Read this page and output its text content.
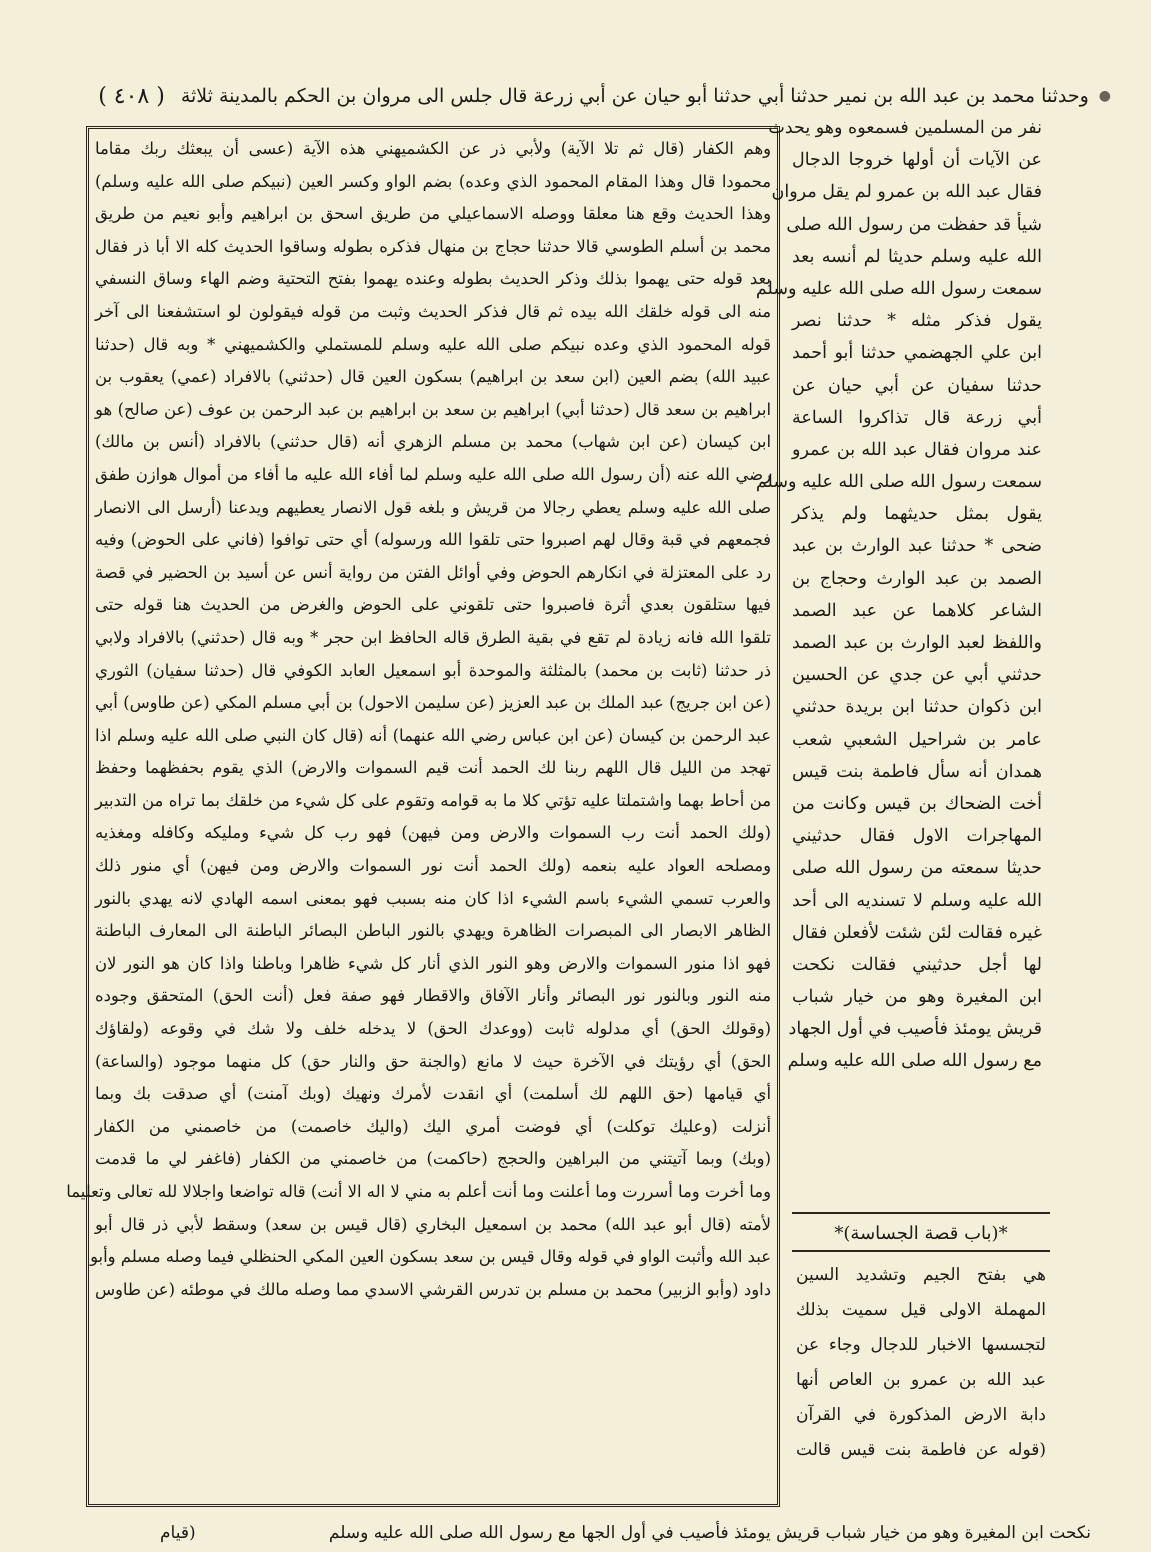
●
وحدثنا محمد بن عبد الله بن نمير حدثنا أبي حدثنا أبو حيان عن أبي زرعة قال جلس الى مروان بن الحكم بالمدينة ثلاثة
( ٤٠٨ )
وهم الكفار (قال ثم تلا الآية) ولأبي ذر عن الكشميهني هذه الآية (عسى أن يبعثك ربك مقاما
محمودا قال وهذا المقام المحمود الذي وعده) بضم الواو وكسر العين (نبيكم صلى الله عليه وسلم)
وهذا الحديث وقع هنا معلقا ووصله الاسماعيلي من طريق اسحق بن ابراهيم وأبو نعيم من طريق
محمد بن أسلم الطوسي قالا حدثنا حجاج بن منهال فذكره بطوله وساقوا الحديث كله الا أبا ذر فقال
بعد قوله حتى يهموا بذلك وذكر الحديث بطوله وعنده يهموا بفتح التحتية وضم الهاء وساق النسفي
منه الى قوله خلقك الله بيده ثم قال فذكر الحديث وثبت من قوله فيقولون لو استشفعنا الى آخر
قوله المحمود الذي وعده نبيكم صلى الله عليه وسلم للمستملي والكشميهني * وبه قال (حدثنا
عبيد الله) بضم العين (ابن سعد بن ابراهيم) بسكون العين قال (حدثني) بالافراد (عمي) يعقوب بن
ابراهيم بن سعد قال (حدثنا أبي) ابراهيم بن سعد بن ابراهيم بن عبد الرحمن بن عوف (عن صالح) هو
ابن كيسان (عن ابن شهاب) محمد بن مسلم الزهري أنه (قال حدثني) بالافراد (أنس بن مالك)
رضي الله عنه (أن رسول الله صلى الله عليه وسلم لما أفاء الله عليه ما أفاء من أموال هوازن طفق
صلى الله عليه وسلم يعطي رجالا من قريش و بلغه قول الانصار يعطيهم ويدعنا (أرسل الى الانصار
فجمعهم في قبة وقال لهم اصبروا حتى تلقوا الله ورسوله) أي حتى توافوا (فاني على الحوض) وفيه
رد على المعتزلة في انكارهم الحوض وفي أوائل الفتن من رواية أنس عن أسيد بن الحضير في قصة
فيها ستلقون بعدي أثرة فاصبروا حتى تلقوني على الحوض والغرض من الحديث هنا قوله حتى
تلقوا الله فانه زيادة لم تقع في بقية الطرق قاله الحافظ ابن حجر * وبه قال (حدثني) بالافراد ولابي
ذر حدثنا (ثابت بن محمد) بالمثلثة والموحدة أبو اسمعيل العابد الكوفي قال (حدثنا سفيان) الثوري
(عن ابن جريج) عبد الملك بن عبد العزيز (عن سليمن الاحول) بن أبي مسلم المكي (عن طاوس) أبي
عبد الرحمن بن كيسان (عن ابن عباس رضي الله عنهما) أنه (قال كان النبي صلى الله عليه وسلم اذا
تهجد من الليل قال اللهم ربنا لك الحمد أنت قيم السموات والارض) الذي يقوم بحفظهما وحفظ
من أحاط بهما واشتملتا عليه تؤتي كلا ما به قوامه وتقوم على كل شيء من خلقك بما تراه من التدبير
(ولك الحمد أنت رب السموات والارض ومن فيهن) فهو رب كل شيء ومليكه وكافله ومغذيه
ومصلحه العواد عليه بنعمه (ولك الحمد أنت نور السموات والارض ومن فيهن) أي منور ذلك
والعرب تسمي الشيء باسم الشيء اذا كان منه بسبب فهو بمعنى اسمه الهادي لانه يهدي بالنور
الظاهر الابصار الى المبصرات الظاهرة ويهدي بالنور الباطن البصائر الباطنة الى المعارف الباطنة
فهو اذا منور السموات والارض وهو النور الذي أنار كل شيء ظاهرا وباطنا واذا كان هو النور لان
منه النور وبالنور نور البصائر وأنار الآفاق والاقطار فهو صفة فعل (أنت الحق) المتحقق وجوده
(وقولك الحق) أي مدلوله ثابت (ووعدك الحق) لا يدخله خلف ولا شك في وقوعه (ولقاؤك
الحق) أي رؤيتك في الآخرة حيث لا مانع (والجنة حق والنار حق) كل منهما موجود (والساعة)
أي قيامها (حق اللهم لك أسلمت) أي انقدت لأمرك ونهيك (وبك آمنت) أي صدقت بك وبما
أنزلت (وعليك توكلت) أي فوضت أمري اليك (واليك خاصمت) من خاصمني من الكفار
(وبك) وبما آتيتني من البراهين والحجج (حاكمت) من خاصمني من الكفار (فاغفر لي ما قدمت
وما أخرت وما أسررت وما أعلنت وما أنت أعلم به مني لا اله الا أنت) قاله تواضعا واجلالا لله تعالى وتعليما
لأمته (قال أبو عبد الله) محمد بن اسمعيل البخاري (قال قيس بن سعد) وسقط لأبي ذر قال أبو
عبد الله وأثبت الواو في قوله وقال قيس بن سعد بسكون العين المكي الحنظلي فيما وصله مسلم وأبو
داود (وأبو الزبير) محمد بن مسلم بن تدرس القرشي الاسدي مما وصله مالك في موطئه (عن طاوس
نفر من المسلمين فسمعوه وهو يحدث
عن الآيات أن أولها خروجا الدجال
فقال عبد الله بن عمرو لم يقل مروان
شيأ قد حفظت من رسول الله صلى
الله عليه وسلم حديثا لم أنسه بعد
سمعت رسول الله صلى الله عليه وسلم
يقول فذكر مثله * حدثنا نصر
ابن علي الجهضمي حدثنا أبو أحمد
حدثنا سفيان عن أبي حيان عن
أبي زرعة قال تذاكروا الساعة
عند مروان فقال عبد الله بن عمرو
سمعت رسول الله صلى الله عليه وسلم
يقول بمثل حديثهما ولم يذكر
ضحى * حدثنا عبد الوارث بن عبد
الصمد بن عبد الوارث وحجاج بن
الشاعر كلاهما عن عبد الصمد
واللفظ لعبد الوارث بن عبد الصمد
حدثني أبي عن جدي عن الحسين
ابن ذكوان حدثنا ابن بريدة حدثني
عامر بن شراحيل الشعبي شعب
همدان أنه سأل فاطمة بنت قيس
أخت الضحاك بن قيس وكانت من
المهاجرات الاول فقال حدثيني
حديثا سمعته من رسول الله صلى
الله عليه وسلم لا تسنديه الى أحد
غيره فقالت لئن شئت لأفعلن فقال
لها أجل حدثيني فقالت نكحت
ابن المغيرة وهو من خيار شباب
قريش يومئذ فأصيب في أول الجهاد
مع رسول الله صلى الله عليه وسلم
*(باب قصة الجساسة)*
هي بفتح الجيم وتشديد السين
المهملة الاولى قيل سميت بذلك
لتجسسها الاخبار للدجال وجاء عن
عبد الله بن عمرو بن العاص أنها
دابة الارض المذكورة في القرآن
(قوله عن فاطمة بنت قيس قالت
نكحت ابن المغيرة وهو من خيار شباب قريش يومئذ فأصيب في أول الجها مع رسول الله صلى الله عليه وسلم
(قيام
